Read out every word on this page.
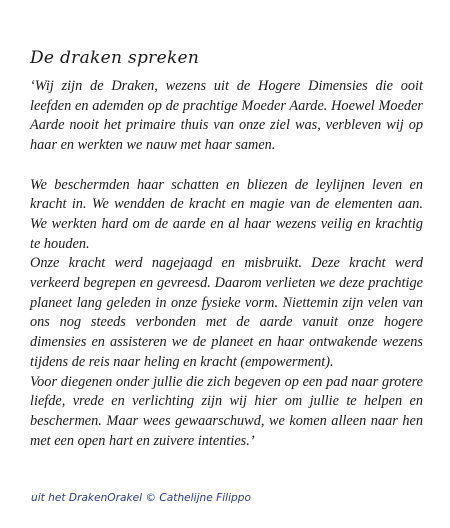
De draken spreken

‘Wij zijn de Draken, wezens uit de Hogere Dimensies die ooit leefden en ademden op de prachtige Moeder Aarde. Hoewel Moeder Aarde nooit het primaire thuis van onze ziel was, verbleven wij op haar en werkten we nauw met haar samen.

We beschermden haar schatten en bliezen de leylijnen leven en kracht in. We wendden de kracht en magie van de elementen aan. We werkten hard om de aarde en al haar wezens veilig en krachtig te houden.

Onze kracht werd nagejaagd en misbruikt. Deze kracht werd verkeerd begrepen en gevreesd. Daarom verlieten we deze prachtige planeet lang geleden in onze fysieke vorm. Niettemin zijn velen van ons nog steeds verbonden met de aarde vanuit onze hogere dimensies en assisteren we de planeet en haar ontwakende wezens tijdens de reis naar heling en kracht (empowerment).

Voor diegenen onder jullie die zich begeven op een pad naar grotere liefde, vrede en verlichting zijn wij hier om jullie te helpen en beschermen. Maar wees gewaarschuwd, we komen alleen naar hen met een open hart en zuivere intenties.’

uit het DrakenOrakel © Cathelijne Filippo
